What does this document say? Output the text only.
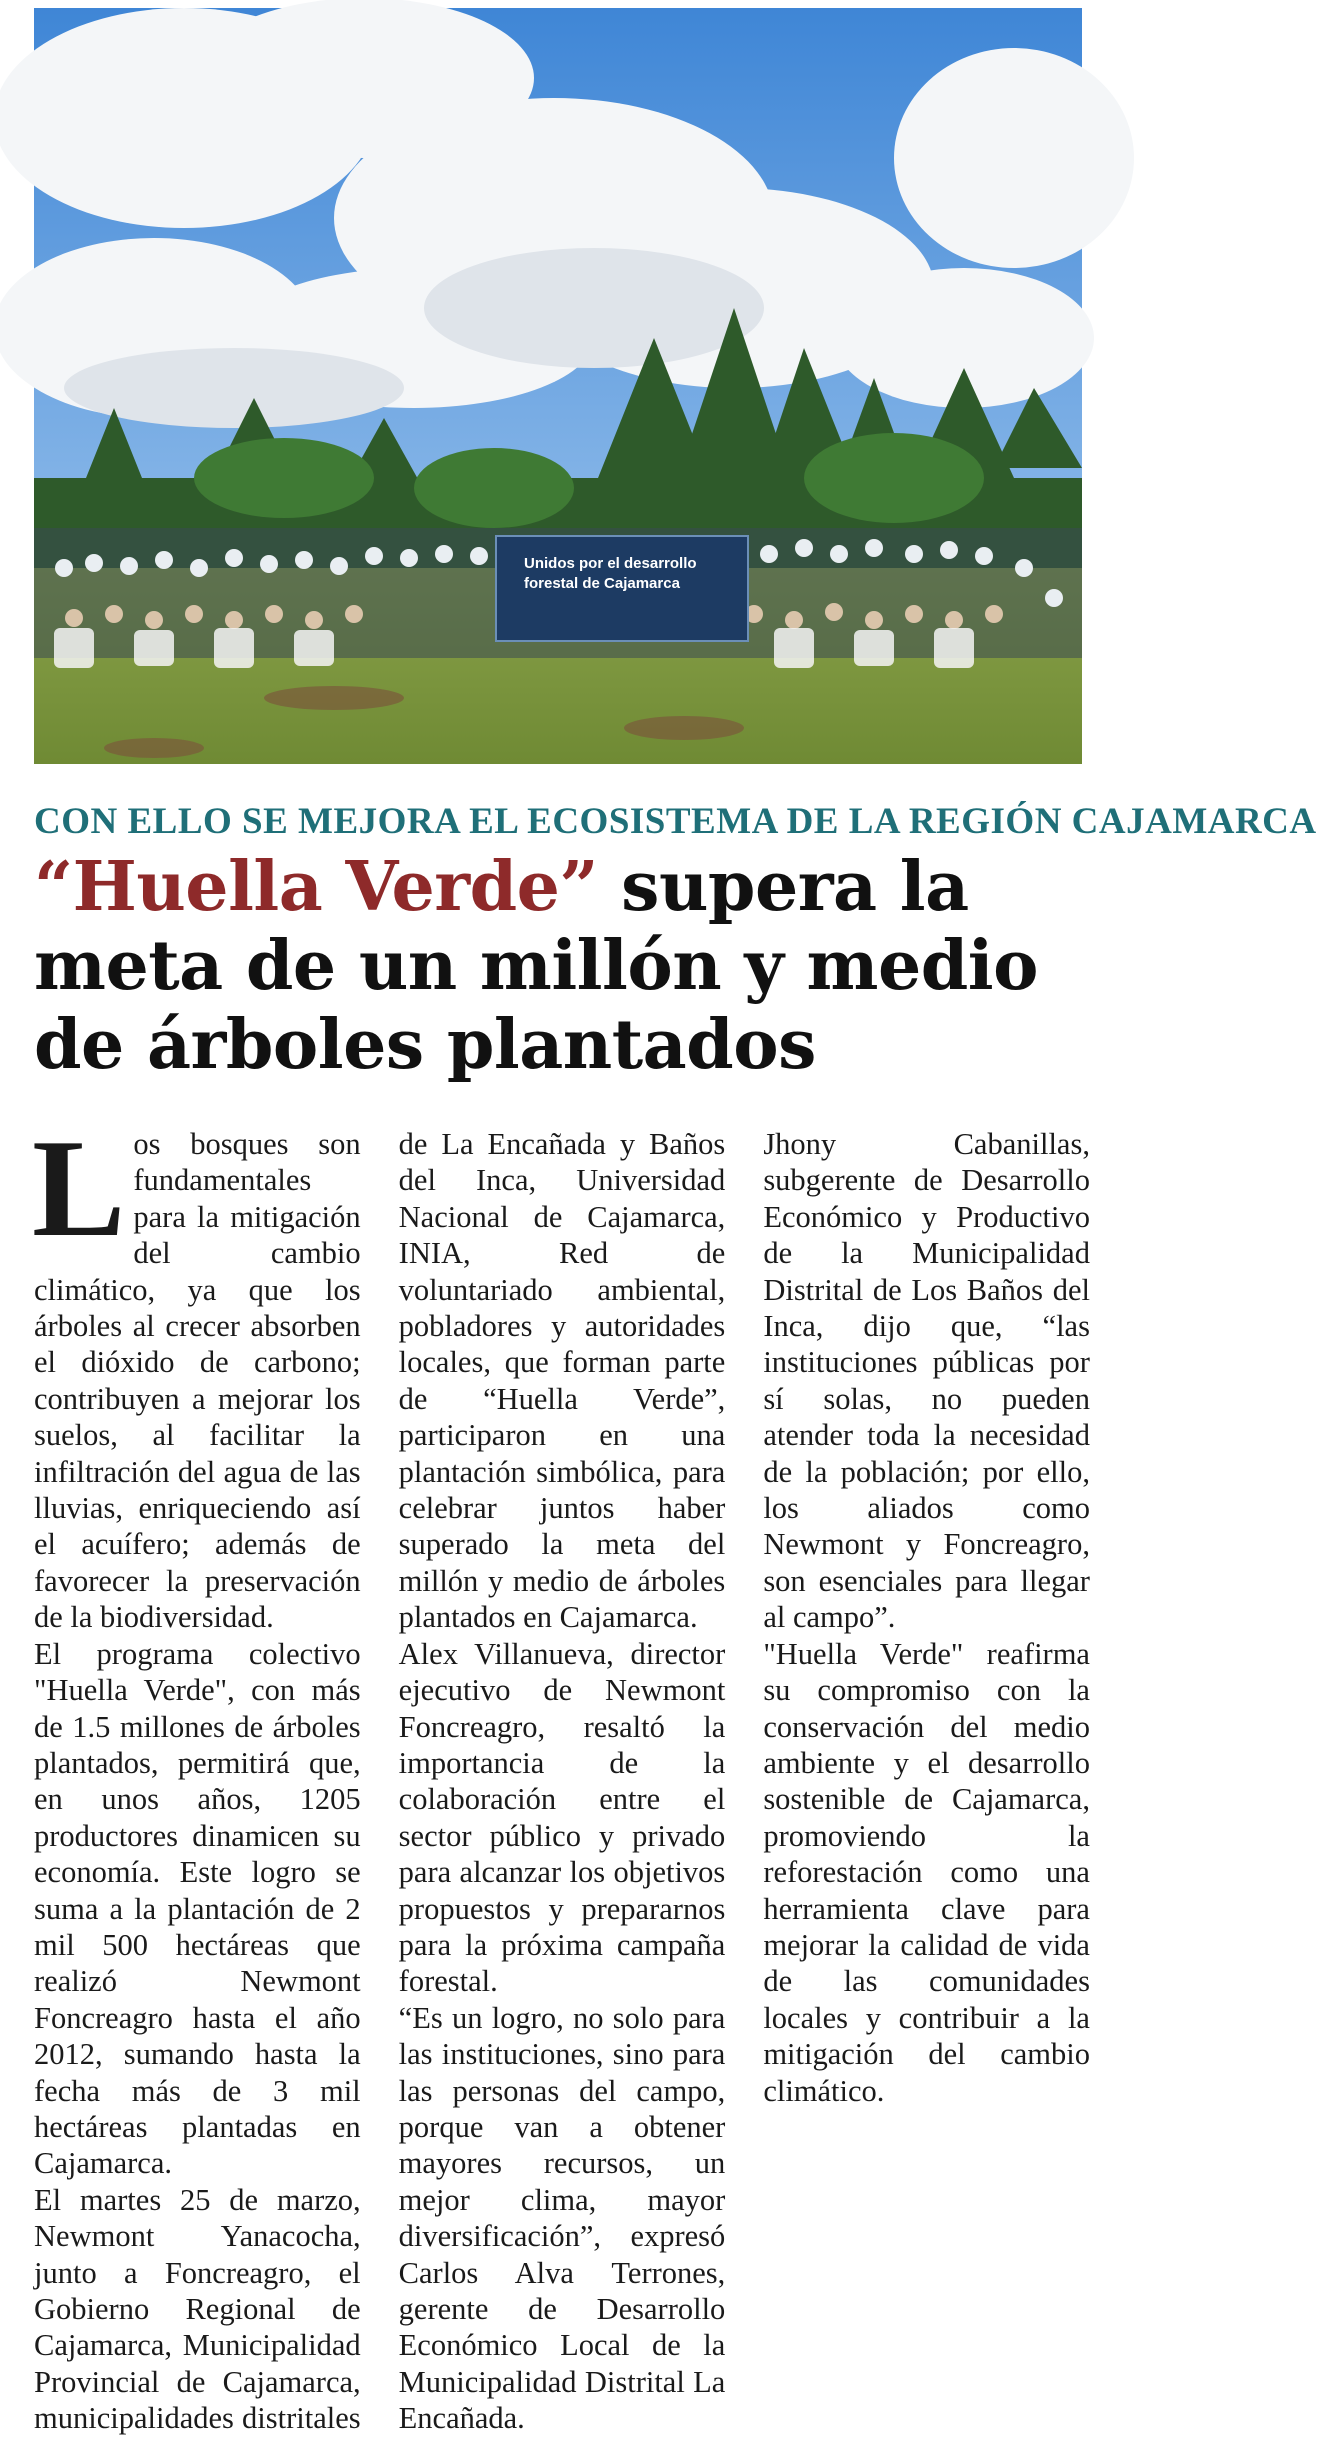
Unidos por el desarrollo
forestal de Cajamarca
CON ELLO SE MEJORA EL ECOSISTEMA DE LA REGIÓN CAJAMARCA
“Huella Verde” supera la meta de un millón y medio de árboles plantados

Los bosques son fundamentales para la mitigación del cambio climático, ya que los árboles al crecer absorben el dióxido de carbono; contribuyen a mejorar los suelos, al facilitar la infiltración del agua de las lluvias, enriqueciendo así el acuífero; además de favorecer la preservación de la biodiversidad.

El programa colectivo "Huella Verde", con más de 1.5 millones de árboles plantados, permitirá que, en unos años, 1205 productores dinamicen su economía. Este logro se suma a la plantación de 2 mil 500 hectáreas que realizó Newmont Foncreagro hasta el año 2012, sumando hasta la fecha más de 3 mil hectáreas plantadas en Cajamarca.

El martes 25 de marzo, Newmont Yanacocha, junto a Foncreagro, el Gobierno Regional de Cajamarca, Municipalidad Provincial de Cajamarca, municipalidades distritales de La Encañada y Baños del Inca, Universidad Nacional de Cajamarca, INIA, Red de voluntariado ambiental, pobladores y autoridades locales, que forman parte de “Huella Verde”, participaron en una plantación simbólica, para celebrar juntos haber superado la meta del millón y medio de árboles plantados en Cajamarca.

Alex Villanueva, director ejecutivo de Newmont Foncreagro, resaltó la importancia de la colaboración entre el sector público y privado para alcanzar los objetivos propuestos y prepararnos para la próxima campaña forestal.

“Es un logro, no solo para las instituciones, sino para las personas del campo, porque van a obtener mayores recursos, un mejor clima, mayor diversificación”, expresó Carlos Alva Terrones, gerente de Desarrollo Económico Local de la Municipalidad Distrital La Encañada.

Jhony Cabanillas, subgerente de Desarrollo Económico y Productivo de la Municipalidad Distrital de Los Baños del Inca, dijo que, “las instituciones públicas por sí solas, no pueden atender toda la necesidad de la población; por ello, los aliados como Newmont y Foncreagro, son esenciales para llegar al campo”.

"Huella Verde" reafirma su compromiso con la conservación del medio ambiente y el desarrollo sostenible de Cajamarca, promoviendo la reforestación como una herramienta clave para mejorar la calidad de vida de las comunidades locales y contribuir a la mitigación del cambio climático.
